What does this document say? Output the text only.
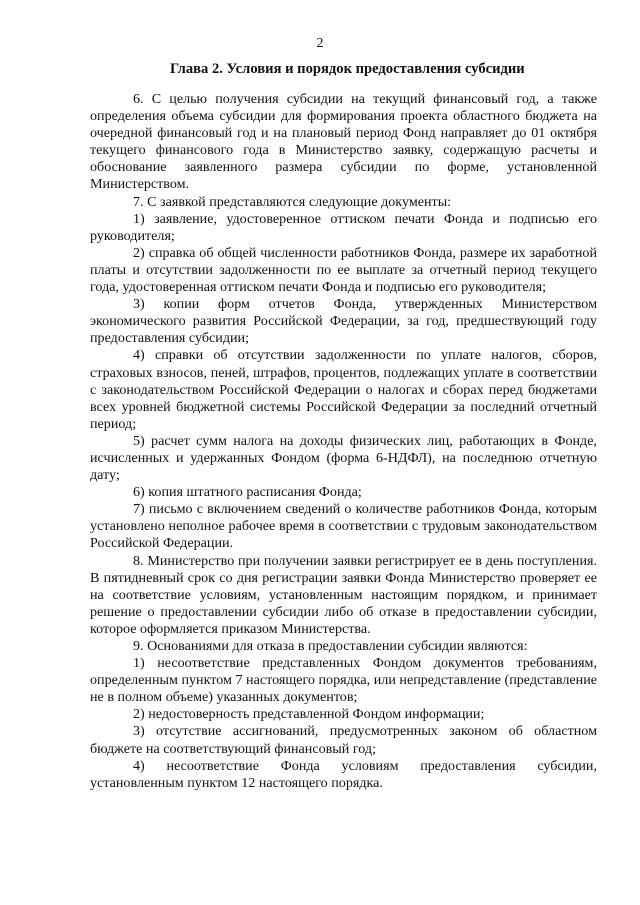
2
Глава 2. Условия и порядок предоставления субсидии

6. С целью получения субсидии на текущий финансовый год, а также определения объема субсидии для формирования проекта областного бюджета на очередной финансовый год и на плановый период Фонд направляет до 01 октября текущего финансового года в Министерство заявку, содержащую расчеты и обоснование заявленного размера субсидии по форме, установленной Министерством.

7. С заявкой представляются следующие документы:

1) заявление, удостоверенное оттиском печати Фонда и подписью его руководителя;

2) справка об общей численности работников Фонда, размере их заработной платы и отсутствии задолженности по ее выплате за отчетный период текущего года, удостоверенная оттиском печати Фонда и подписью его руководителя;

3) копии форм отчетов Фонда, утвержденных Министерством экономического развития Российской Федерации, за год, предшествующий году предоставления субсидии;

4) справки об отсутствии задолженности по уплате налогов, сборов, страховых взносов, пеней, штрафов, процентов, подлежащих уплате в соответствии с законодательством Российской Федерации о налогах и сборах перед бюджетами всех уровней бюджетной системы Российской Федерации за последний отчетный период;

5) расчет сумм налога на доходы физических лиц, работающих в Фонде, исчисленных и удержанных Фондом (форма 6-НДФЛ), на последнюю отчетную дату;

6) копия штатного расписания Фонда;

7) письмо с включением сведений о количестве работников Фонда, которым установлено неполное рабочее время в соответствии с трудовым законодательством Российской Федерации.

8. Министерство при получении заявки регистрирует ее в день поступления. В пятидневный срок со дня регистрации заявки Фонда Министерство проверяет ее на соответствие условиям, установленным настоящим порядком, и принимает решение о предоставлении субсидии либо об отказе в предоставлении субсидии, которое оформляется приказом Министерства.

9. Основаниями для отказа в предоставлении субсидии являются:

1) несоответствие представленных Фондом документов требованиям, определенным пунктом 7 настоящего порядка, или непредставление (представление не в полном объеме) указанных документов;

2) недостоверность представленной Фондом информации;

3) отсутствие ассигнований, предусмотренных законом об областном бюджете на соответствующий финансовый год;

4) несоответствие Фонда условиям предоставления субсидии, установленным пунктом 12 настоящего порядка.
